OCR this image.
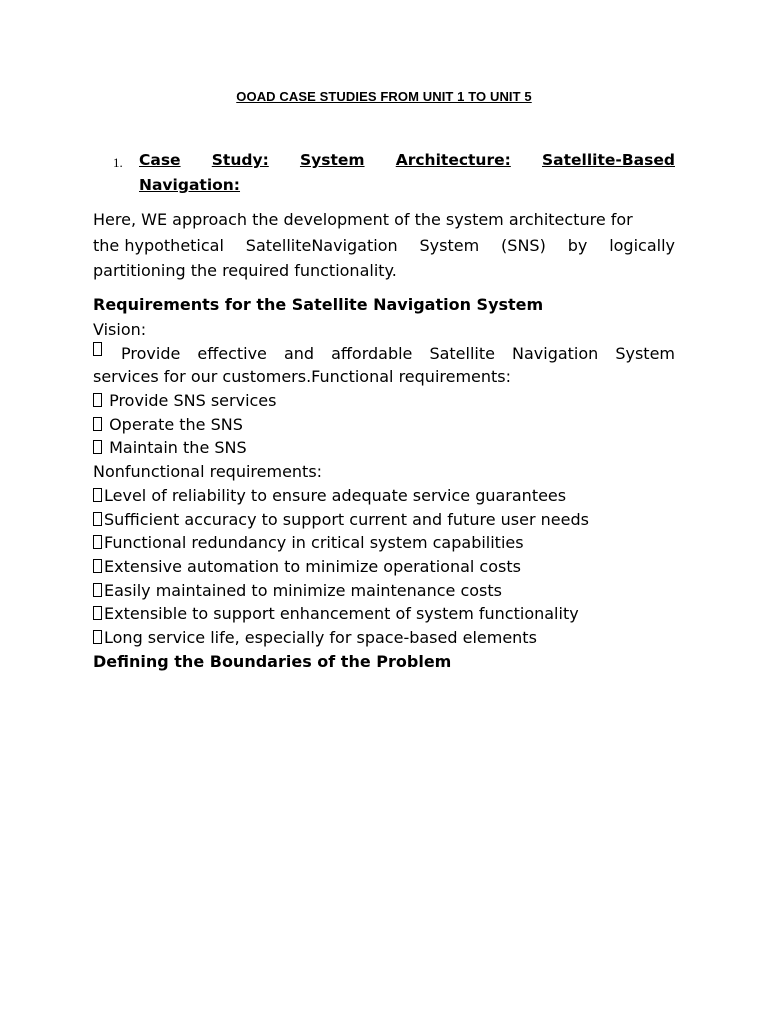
OOAD CASE STUDIES FROM UNIT 1 TO UNIT 5
1. Case Study: System Architecture: Satellite-Based
Navigation:
Here, WE approach the development of the system architecture for
the hypothetical SatelliteNavigation System (SNS) by logically
partitioning the required functionality.
Requirements for the Satellite Navigation System
Vision:
Provide effective and affordable Satellite Navigation System
services for our customers.Functional requirements:
Provide SNS services
Operate the SNS
Maintain the SNS
Nonfunctional requirements:
Level of reliability to ensure adequate service guarantees
Sufficient accuracy to support current and future user needs
Functional redundancy in critical system capabilities
Extensive automation to minimize operational costs
Easily maintained to minimize maintenance costs
Extensible to support enhancement of system functionality
Long service life, especially for space-based elements
Defining the Boundaries of the Problem
